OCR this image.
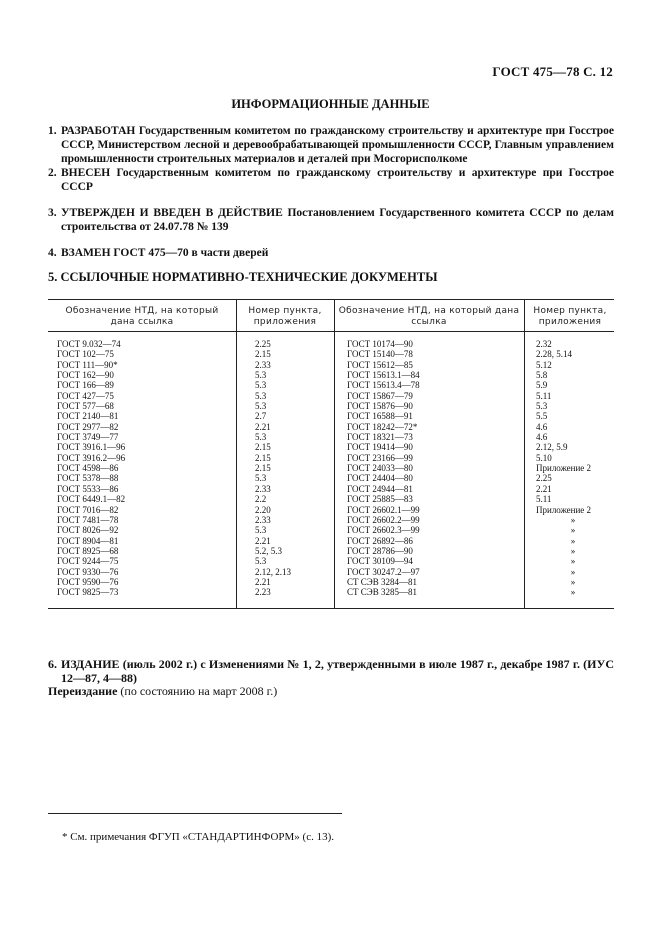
ГОСТ 475—78 С. 12
ИНФОРМАЦИОННЫЕ ДАННЫЕ
1. РАЗРАБОТАН Государственным комитетом по гражданскому строительству и архитектуре при Госстрое СССР, Министерством лесной и деревообрабатывающей промышленности СССР, Главным управлением промышленности строительных материалов и деталей при Мосгорисполкоме
2. ВНЕСЕН Государственным комитетом по гражданскому строительству и архитектуре при Госстрое СССР
3. УТВЕРЖДЕН И ВВЕДЕН В ДЕЙСТВИЕ Постановлением Государственного комитета СССР по делам строительства от 24.07.78 № 139
4. ВЗАМЕН ГОСТ 475—70 в части дверей
5. ССЫЛОЧНЫЕ НОРМАТИВНО-ТЕХНИЧЕСКИЕ ДОКУМЕНТЫ
Обозначение НТД, на который дана ссылка
Номер пункта, приложения
Обозначение НТД, на который дана ссылка
Номер пункта, приложения
ГОСТ 9.032—74
ГОСТ 102—75
ГОСТ 111—90*
ГОСТ 162—90
ГОСТ 166—89
ГОСТ 427—75
ГОСТ 577—68
ГОСТ 2140—81
ГОСТ 2977—82
ГОСТ 3749—77
ГОСТ 3916.1—96
ГОСТ 3916.2—96
ГОСТ 4598—86
ГОСТ 5378—88
ГОСТ 5533—86
ГОСТ 6449.1—82
ГОСТ 7016—82
ГОСТ 7481—78
ГОСТ 8026—92
ГОСТ 8904—81
ГОСТ 8925—68
ГОСТ 9244—75
ГОСТ 9330—76
ГОСТ 9590—76
ГОСТ 9825—73
2.25
2.15
2.33
5.3
5.3
5.3
5.3
2.7
2.21
5.3
2.15
2.15
2.15
5.3
2.33
2.2
2.20
2.33
5.3
2.21
5.2, 5.3
5.3
2.12, 2.13
2.21
2.23
ГОСТ 10174—90
ГОСТ 15140—78
ГОСТ 15612—85
ГОСТ 15613.1—84
ГОСТ 15613.4—78
ГОСТ 15867—79
ГОСТ 15876—90
ГОСТ 16588—91
ГОСТ 18242—72*
ГОСТ 18321—73
ГОСТ 19414—90
ГОСТ 23166—99
ГОСТ 24033—80
ГОСТ 24404—80
ГОСТ 24944—81
ГОСТ 25885—83
ГОСТ 26602.1—99
ГОСТ 26602.2—99
ГОСТ 26602.3—99
ГОСТ 26892—86
ГОСТ 28786—90
ГОСТ 30109—94
ГОСТ 30247.2—97
СТ СЭВ 3284—81
СТ СЭВ 3285—81
2.32
2.28, 5.14
5.12
5.8
5.9
5.11
5.3
5.5
4.6
4.6
2.12, 5.9
5.10
Приложение 2
2.25
2.21
5.11
Приложение 2
»
»
»
»
»
»
»
»
6. ИЗДАНИЕ (июль 2002 г.) с Изменениями № 1, 2, утвержденными в июле 1987 г., декабре 1987 г. (ИУС 12—87, 4—88)
Переиздание (по состоянию на март 2008 г.)
* См. примечания ФГУП «СТАНДАРТИНФОРМ» (с. 13).
